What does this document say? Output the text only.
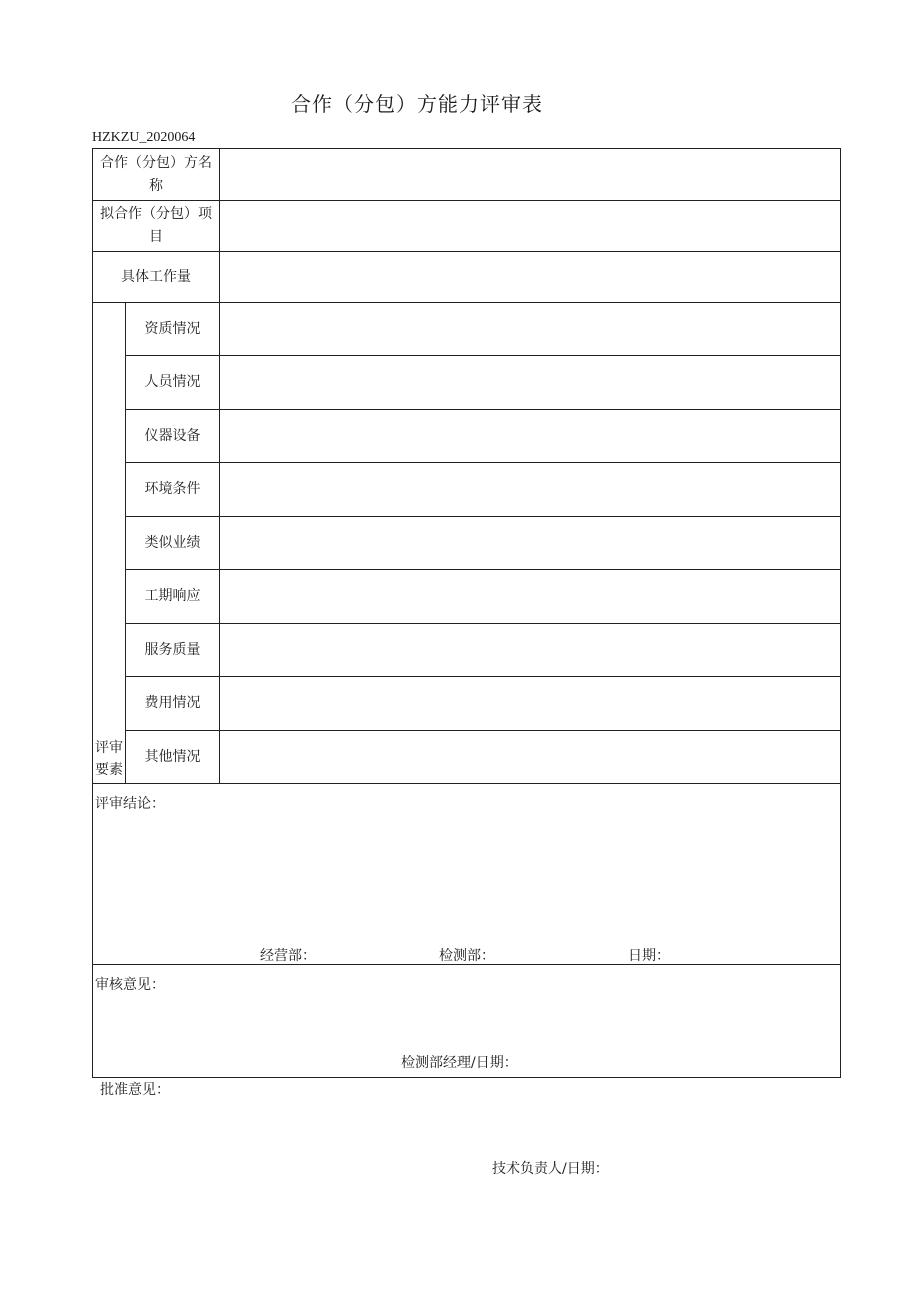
合作（分包）方能力评审表
HZKZU_2020064
合作（分包）方名称		
拟合作（分包）项目		
具体工作量		
评审要素	资质情况	
	人员情况	
	仪器设备	
	环境条件	
	类似业绩	
	工期响应	
	服务质量	
	费用情况	
	其他情况	

评审结论：
经营部： 检测部： 日期：		

审核意见：
检测部经理/日期：		
批准意见：
技术负责人/日期：
